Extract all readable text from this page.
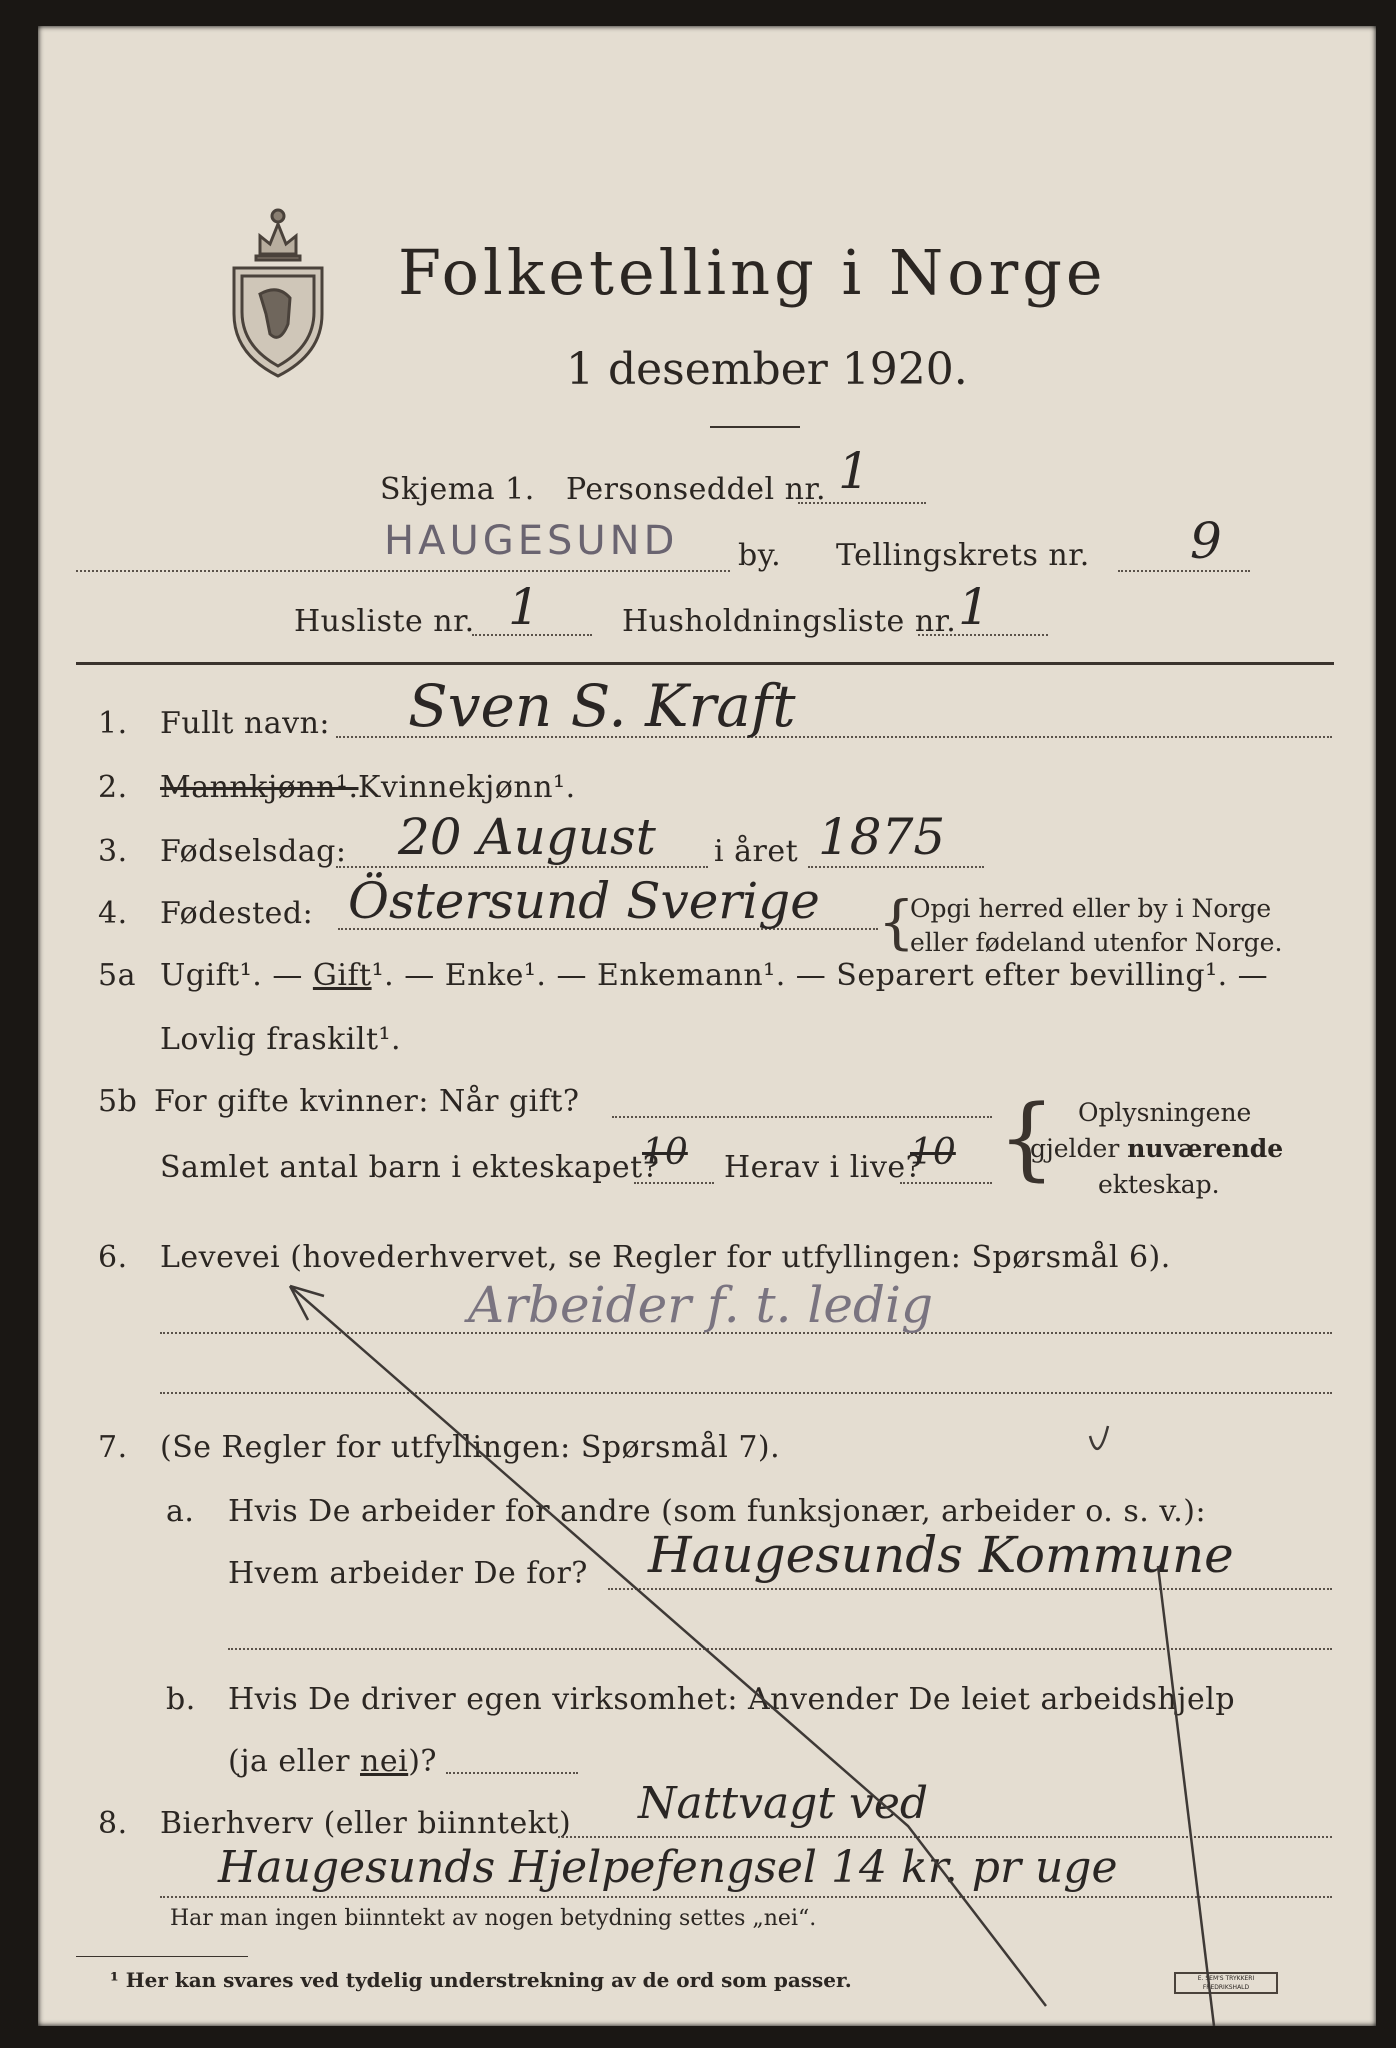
Folketelling i Norge
1 desember 1920.
Skjema 1. Personseddel nr. 1
HAUGESUND by. Tellingskrets nr. 9
Husliste nr. 1	Husholdningsliste nr. 1
1. Fullt navn: Sven S. Kraft
2. Mannkjønn¹. Kvinnekjønn¹.
3. Fødselsdag: 20 August i året 1875
4. Fødested: Östersund Sverige {
Opgi herred eller by i Norge
eller fødeland utenfor Norge.
5a Ugift¹. — Gift¹. — Enke¹. — Enkemann¹. — Separert efter bevilling¹. —
Lovlig fraskilt¹.
5b For gifte kvinner: Når gift?
Samlet antal barn i ekteskapet?
10 Herav i live?
10 { Oplysningene
gjelder nuværende
ekteskap.
6. Levevei (hovederhvervet, se Regler for utfyllingen: Spørsmål 6).
Arbeider f. t. ledig
7. (Se Regler for utfyllingen: Spørsmål 7).
a. Hvis De arbeider for andre (som funksjonær, arbeider o. s. v.):
Hvem arbeider De for? Haugesunds Kommune
b. Hvis De driver egen virksomhet: Anvender De leiet arbeidshjelp
(ja eller nei)?
8. Bierhverv (eller biinntekt) Nattvagt ved
Haugesunds Hjelpefengsel 14 kr. pr uge
Har man ingen biinntekt av nogen betydning settes „nei“.
¹ Her kan svares ved tydelig understrekning av de ord som passer.	E. SEM'S TRYKKERI FREDRIKSHALD
